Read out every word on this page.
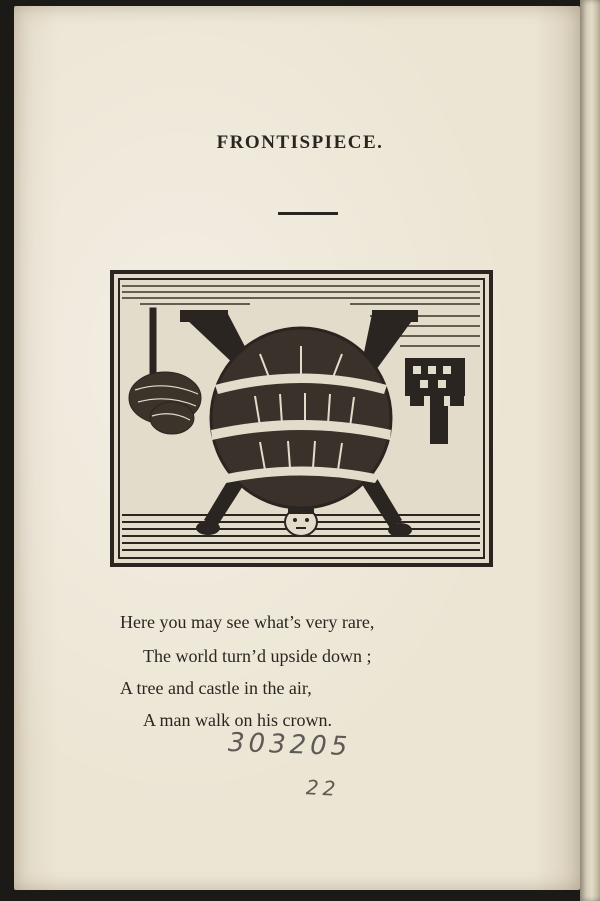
FRONTISPIECE.
Here you may see what’s very rare,
The world turn’d upside down ;
A tree and castle in the air,
A man walk on his crown.
303205
22
